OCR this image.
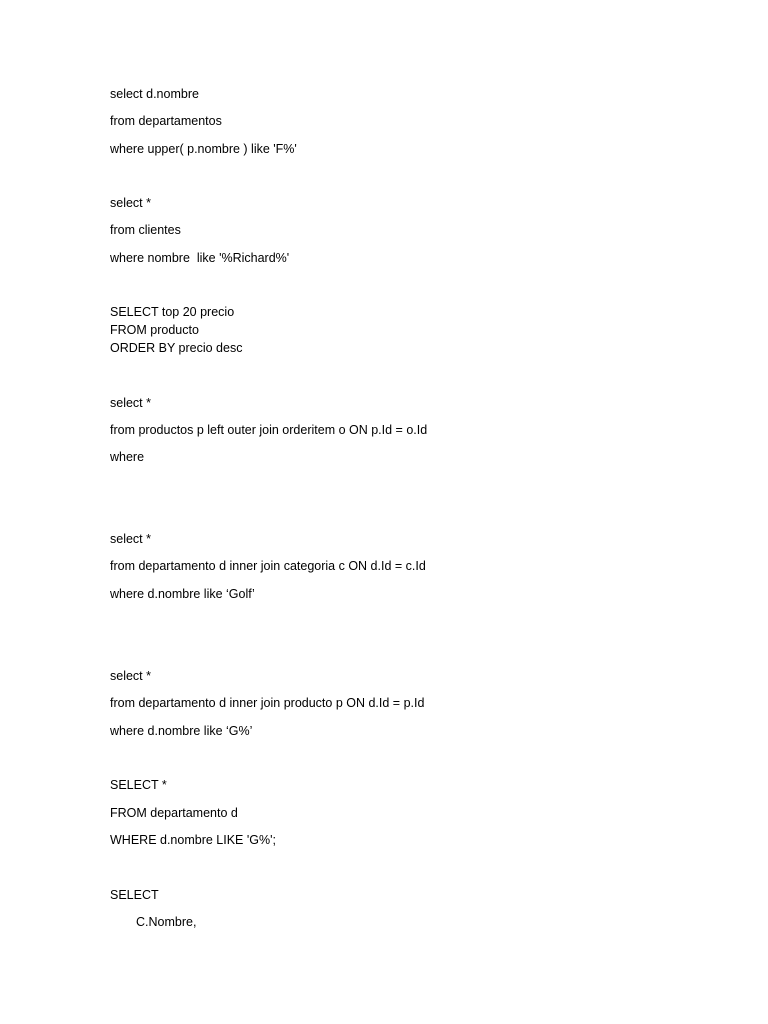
select d.nombre
from departamentos
where upper( p.nombre ) like 'F%'
select *
from clientes
where nombre  like '%Richard%'
SELECT top 20 precio
FROM producto
ORDER BY precio desc
select *
from productos p left outer join orderitem o ON p.Id = o.Id
where
select *
from departamento d inner join categoria c ON d.Id = c.Id
where d.nombre like ‘Golf’
select *
from departamento d inner join producto p ON d.Id = p.Id
where d.nombre like ‘G%’
SELECT *
FROM departamento d
WHERE d.nombre LIKE 'G%';
SELECT
C.Nombre,
